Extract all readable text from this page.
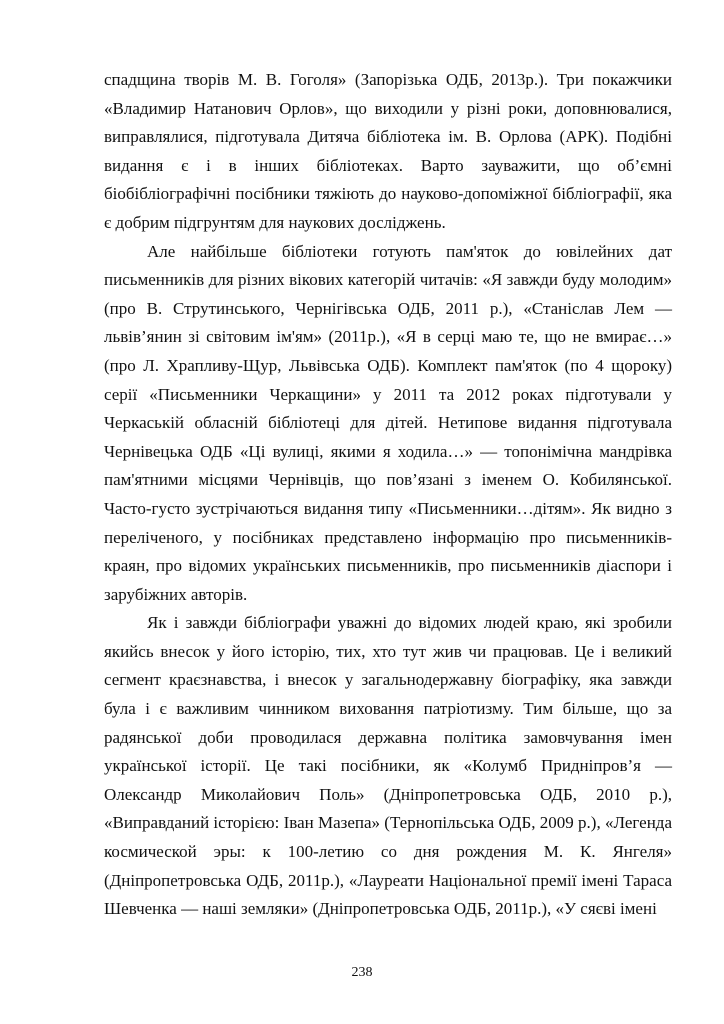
спадщина творів М. В. Гоголя» (Запорізька ОДБ, 2013р.). Три покажчики «Владимир Натанович Орлов», що виходили у різні роки, доповнювалися, виправлялися, підготувала Дитяча бібліотека ім. В. Орлова (АРК). Подібні видання є і в інших бібліотеках. Варто зауважити, що об’ємні біобібліографічні посібники тяжіють до науково-допоміжної бібліографії, яка є добрим підгрунтям для наукових досліджень.

Але найбільше бібліотеки готують пам'яток до ювілейних дат письменників для різних вікових категорій читачів: «Я завжди буду молодим» (про В. Струтинського, Чернігівська ОДБ, 2011 р.), «Станіслав Лем — львів’янин зі світовим ім'ям» (2011р.), «Я в серці маю те, що не вмирає…» (про Л. Храпливу-Щур, Львівська ОДБ). Комплект пам'яток (по 4 щороку) серії «Письменники Черкащини» у 2011 та 2012 роках підготували у Черкаській обласній бібліотеці для дітей. Нетипове видання підготувала Чернівецька ОДБ «Ці вулиці, якими я ходила…» — топонімічна мандрівка пам'ятними місцями Чернівців, що пов’язані з іменем О. Кобилянської. Часто-густо зустрічаються видання типу «Письменники…дітям». Як видно з переліченого, у посібниках представлено інформацію про письменників-краян, про відомих українських письменників, про письменників діаспори і зарубіжних авторів.

Як і завжди бібліографи уважні до відомих людей краю, які зробили якийсь внесок у його історію, тих, хто тут жив чи працював. Це і великий сегмент краєзнавства, і внесок у загальнодержавну біографіку, яка завжди була і є важливим чинником виховання патріотизму. Тим більше, що за радянської доби проводилася державна політика замовчування імен української історії. Це такі посібники, як «Колумб Придніпров’я — Олександр Миколайович Поль» (Дніпропетровська ОДБ, 2010 р.), «Виправданий історією: Іван Мазепа» (Тернопільська ОДБ, 2009 р.), «Легенда космической эры: к 100-летию со дня рождения М. К. Янгеля» (Дніпропетровська ОДБ, 2011р.), «Лауреати Національної премії імені Тараса Шевченка — наші земляки» (Дніпропетровська ОДБ, 2011р.), «У сяєві імені

238
